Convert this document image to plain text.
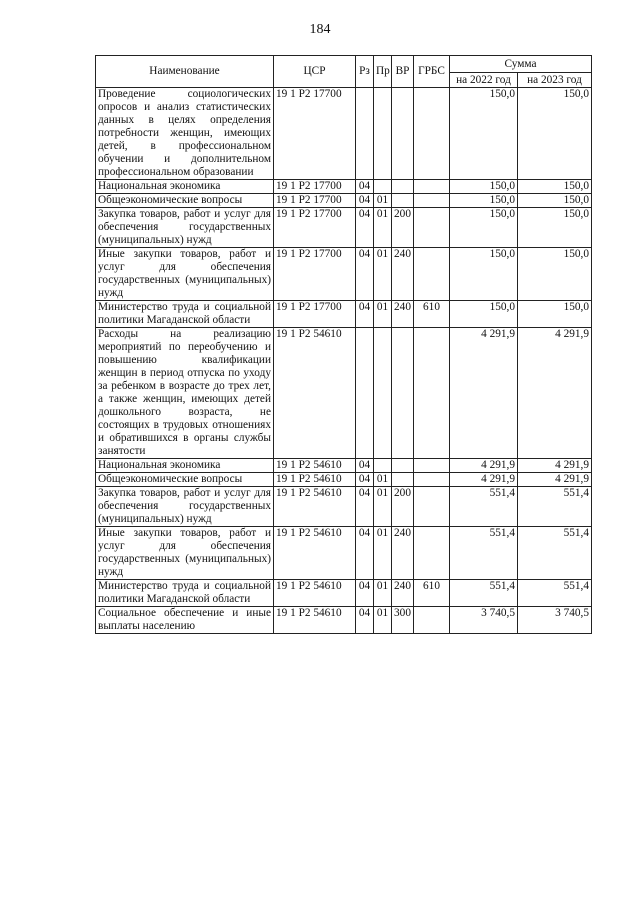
184
Наименование	ЦСР	Рз	Пр	ВР	ГРБС	Сумма	
						на 2022 год	на 2023 год
Проведение социологических опросов и анализ статистических данных в целях определения потребности женщин, имеющих детей, в профессиональном обучении и дополнительном профессиональном образовании	19 1 P2 17700					150,0	150,0
Национальная экономика	19 1 P2 17700	04				150,0	150,0
Общеэкономические вопросы	19 1 P2 17700	04	01			150,0	150,0
Закупка товаров, работ и услуг для обеспечения государственных (муниципальных) нужд	19 1 P2 17700	04	01	200		150,0	150,0
Иные закупки товаров, работ и услуг для обеспечения государственных (муниципальных) нужд	19 1 P2 17700	04	01	240		150,0	150,0
Министерство труда и социальной политики Магаданской области	19 1 P2 17700	04	01	240	610	150,0	150,0
Расходы на реализацию мероприятий по переобучению и повышению квалификации женщин в период отпуска по уходу за ребенком в возрасте до трех лет, а также женщин, имеющих детей дошкольного возраста, не состоящих в трудовых отношениях и обратившихся в органы службы занятости	19 1 P2 54610					4 291,9	4 291,9
Национальная экономика	19 1 P2 54610	04				4 291,9	4 291,9
Общеэкономические вопросы	19 1 P2 54610	04	01			4 291,9	4 291,9
Закупка товаров, работ и услуг для обеспечения государственных (муниципальных) нужд	19 1 P2 54610	04	01	200		551,4	551,4
Иные закупки товаров, работ и услуг для обеспечения государственных (муниципальных) нужд	19 1 P2 54610	04	01	240		551,4	551,4
Министерство труда и социальной политики Магаданской области	19 1 P2 54610	04	01	240	610	551,4	551,4
Социальное обеспечение и иные выплаты населению	19 1 P2 54610	04	01	300		3 740,5	3 740,5
